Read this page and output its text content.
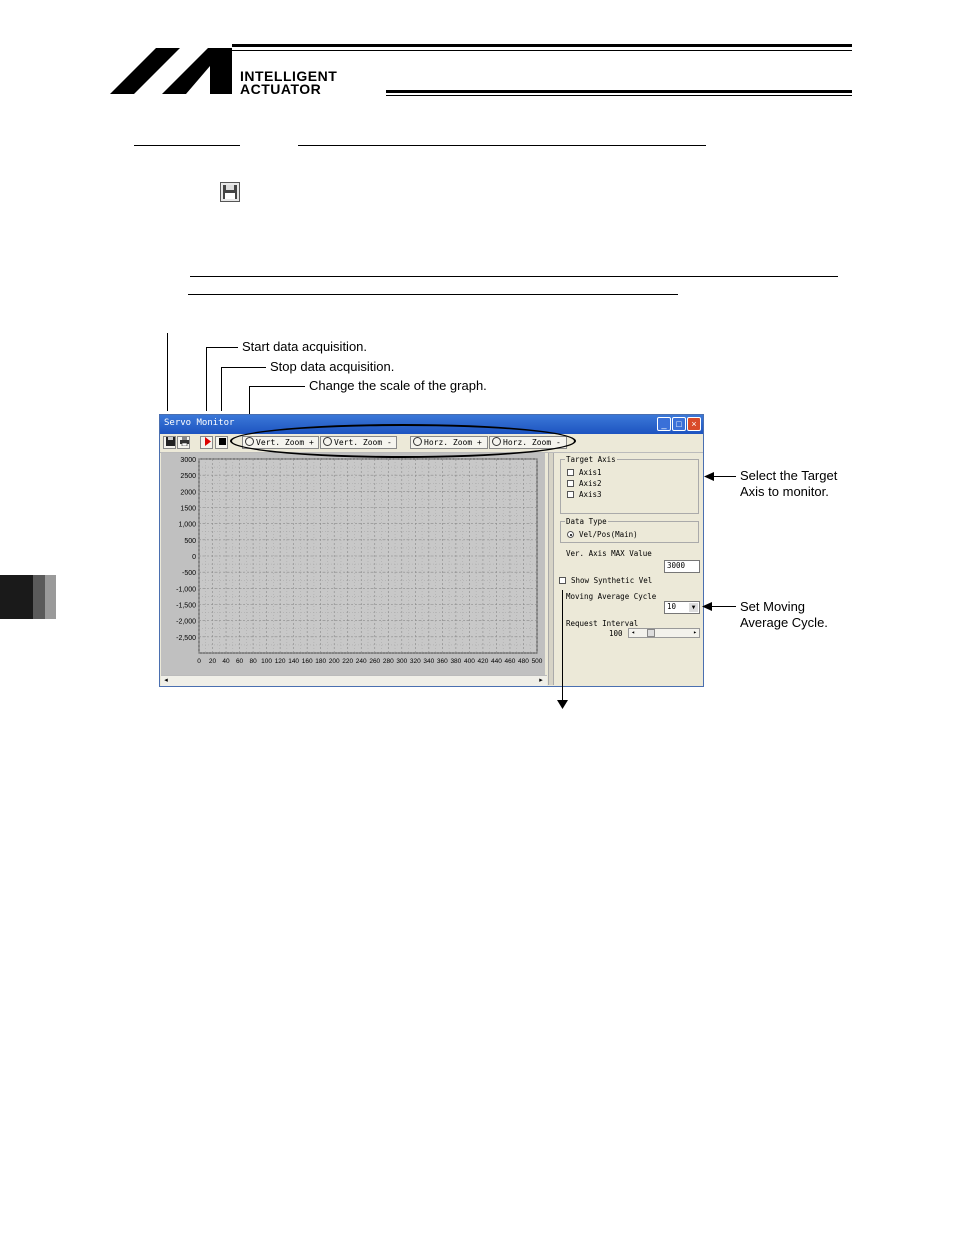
INTELLIGENT
ACTUATOR
Start data acquisition.
Stop data acquisition.
Change the scale of the graph.
Servo Monitor	_	□	×
Vert. Zoom +	Vert. Zoom -	Horz. Zoom +	Horz. Zoom -
3000
2500
2000
1500
1,000
500
0
-500
-1,000
-1,500
-2,000
-2,500
0 20 40 60 80 100 120 140 160 180 200 220 240 260 280 300 320 340 360 380 400 420 440 460 480 500
◂	▸
Target Axis
Axis1
Axis2
Axis3
Data Type
Vel/Pos(Main)
Ver. Axis MAX Value
3000
Show Synthetic Vel
Moving Average Cycle
10	▼
Request Interval
100	◂	▸
Select the Target
Axis to monitor.
Set Moving
Average Cycle.
